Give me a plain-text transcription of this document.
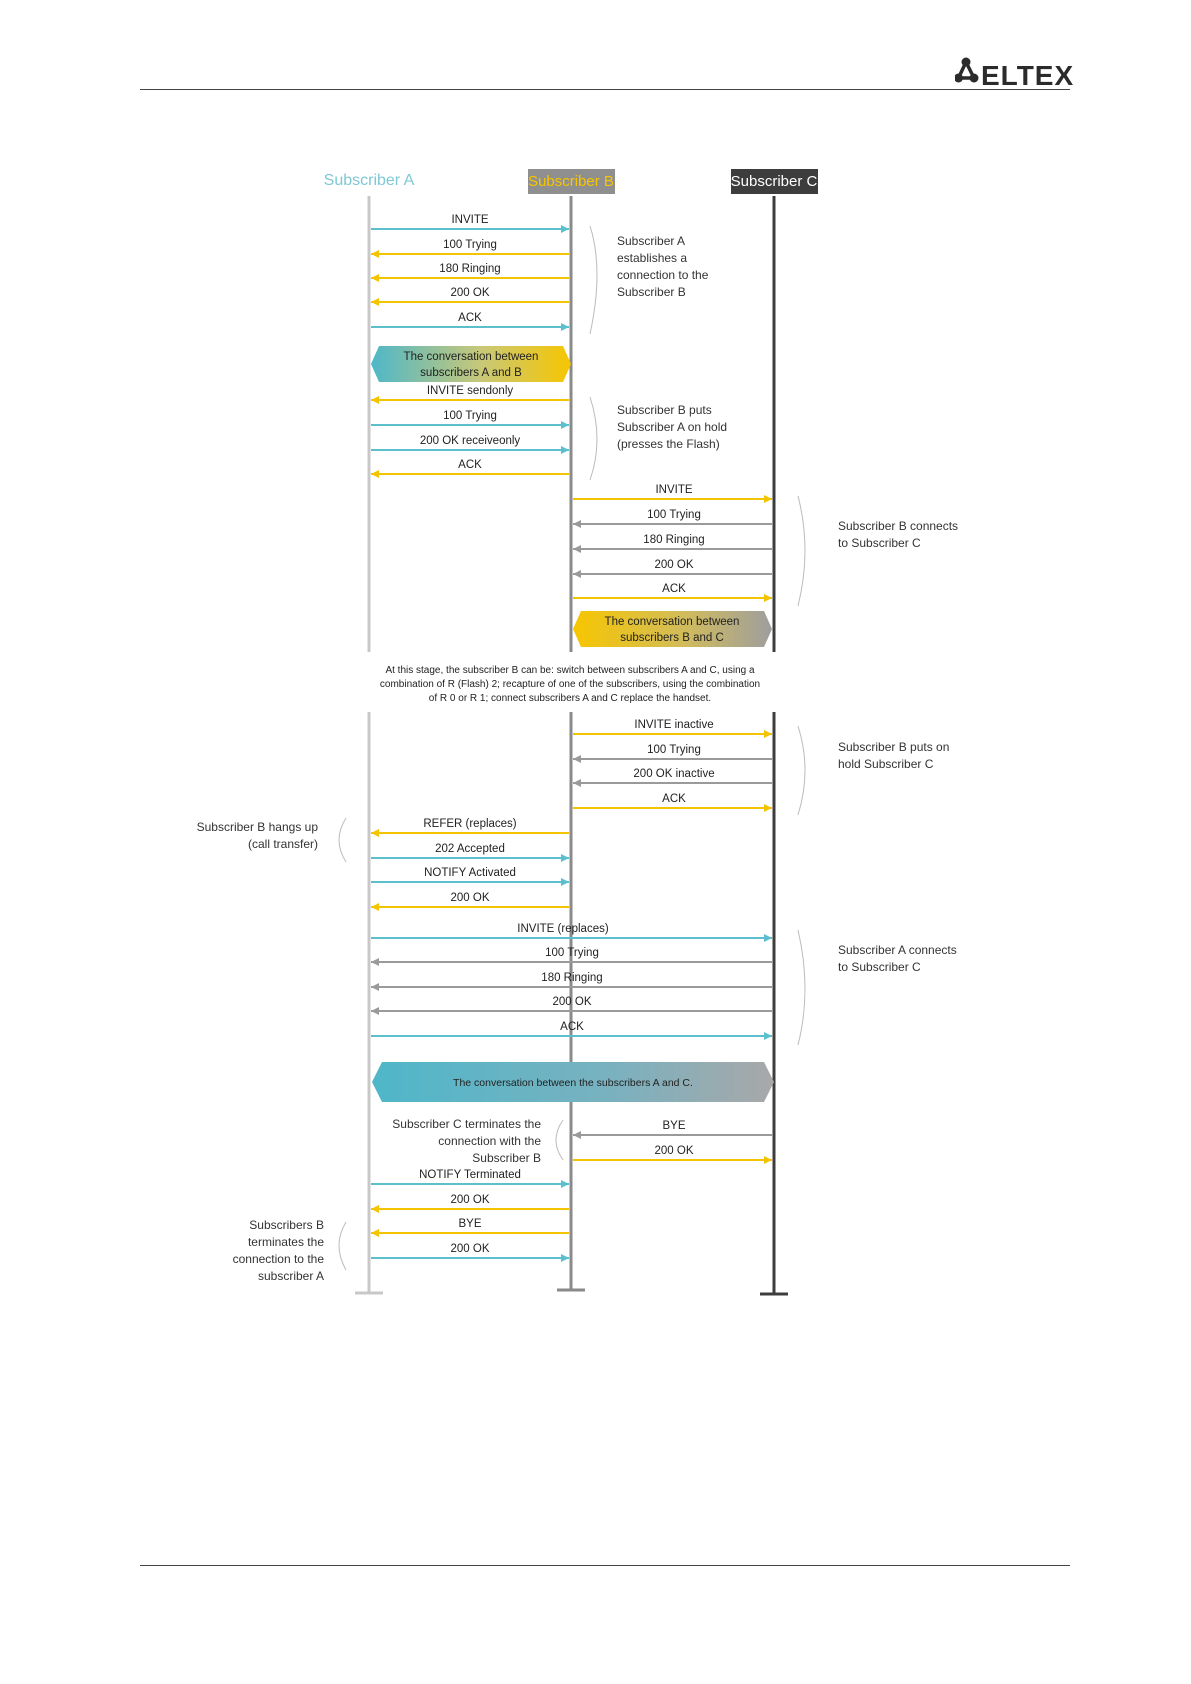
ELTEX
Subscriber A	Subscriber B	Subscriber C
INVITE
100 Trying
180 Ringing
200 OK
ACK
The conversation between
subscribers A and B
INVITE sendonly
100 Trying
200 OK receiveonly
ACK
INVITE
100 Trying
180 Ringing
200 OK
ACK
The conversation between
subscribers B and C
At this stage, the subscriber B can be: switch between subscribers A and C, using a
combination of R (Flash) 2; recapture of one of the subscribers, using the combination
of R 0 or R 1; connect subscribers A and C replace the handset.
INVITE inactive
100 Trying
200 OK inactive
ACK
REFER (replaces)
202 Accepted
NOTIFY Activated
200 OK
INVITE (replaces)
100 Trying
180 Ringing
200 OK
ACK
The conversation between the subscribers A and C.
BYE
200 OK
NOTIFY Terminated
200 OK
BYE
200 OK
Subscriber A
establishes a
connection to the
Subscriber B
Subscriber B puts
Subscriber A on hold
(presses the Flash)
Subscriber B connects
to Subscriber C
Subscriber B puts on
hold Subscriber C
Subscriber B hangs up
(call transfer)
Subscriber A connects
to Subscriber C
Subscriber C terminates the
connection with the
Subscriber B
Subscribers B
terminates the
connection to the
subscriber A
